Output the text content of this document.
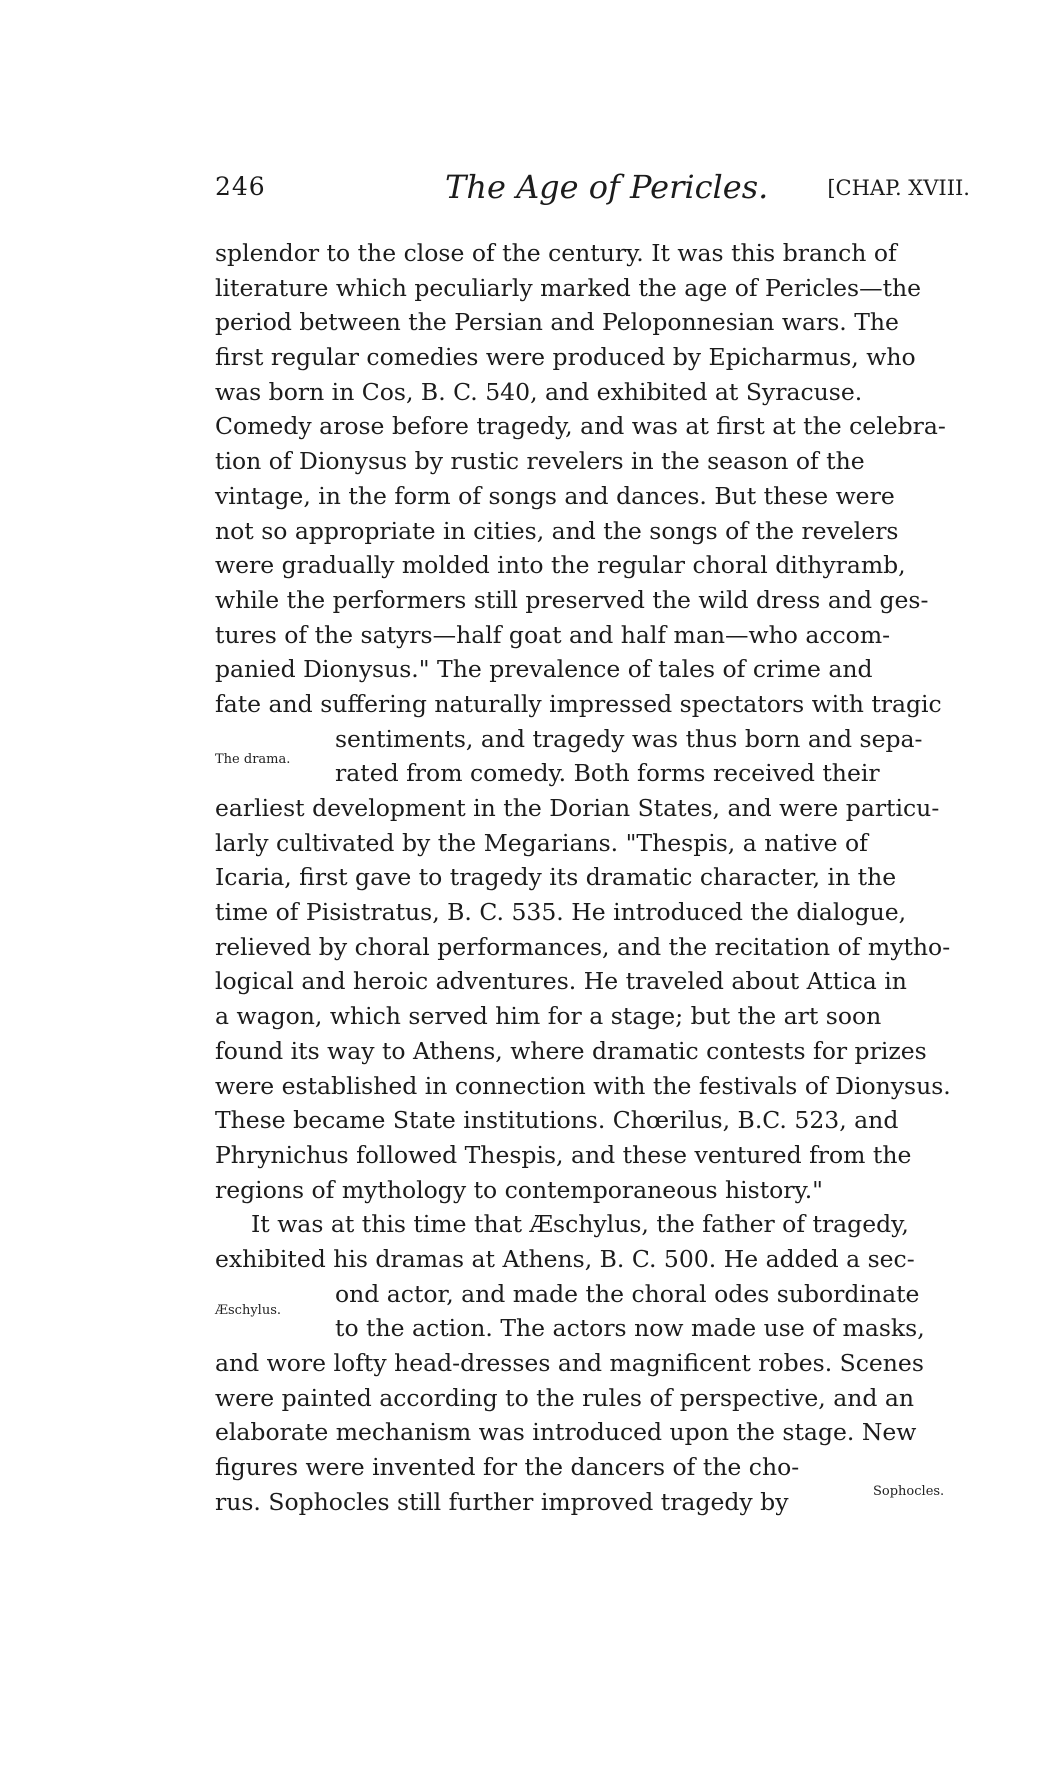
246	The Age of Pericles.	[CHAP. XVIII.
splendor to the close of the century. It was this branch of
literature which peculiarly marked the age of Pericles—the
period between the Persian and Peloponnesian wars. The
first regular comedies were produced by Epicharmus, who
was born in Cos, B. C. 540, and exhibited at Syracuse.
Comedy arose before tragedy, and was at first at the celebra-
tion of Dionysus by rustic revelers in the season of the
vintage, in the form of songs and dances. But these were
not so appropriate in cities, and the songs of the revelers
were gradually molded into the regular choral dithyramb,
while the performers still preserved the wild dress and ges-
tures of the satyrs—half goat and half man—who accom-
panied Dionysus." The prevalence of tales of crime and
fate and suffering naturally impressed spectators with tragic
sentiments, and tragedy was thus born and sepa-
rated from comedy. Both forms received their
earliest development in the Dorian States, and were particu-
larly cultivated by the Megarians. "Thespis, a native of
Icaria, first gave to tragedy its dramatic character, in the
time of Pisistratus, B. C. 535. He introduced the dialogue,
relieved by choral performances, and the recitation of mytho-
logical and heroic adventures. He traveled about Attica in
a wagon, which served him for a stage; but the art soon
found its way to Athens, where dramatic contests for prizes
were established in connection with the festivals of Dionysus.
These became State institutions. Chœrilus, B.C. 523, and
Phrynichus followed Thespis, and these ventured from the
regions of mythology to contemporaneous history."
It was at this time that Æschylus, the father of tragedy,
exhibited his dramas at Athens, B. C. 500. He added a sec-
ond actor, and made the choral odes subordinate
to the action. The actors now made use of masks,
and wore lofty head-dresses and magnificent robes. Scenes
were painted according to the rules of perspective, and an
elaborate mechanism was introduced upon the stage. New
figures were invented for the dancers of the cho-
rus. Sophocles still further improved tragedy by
The drama.
Æschylus.
Sophocles.
